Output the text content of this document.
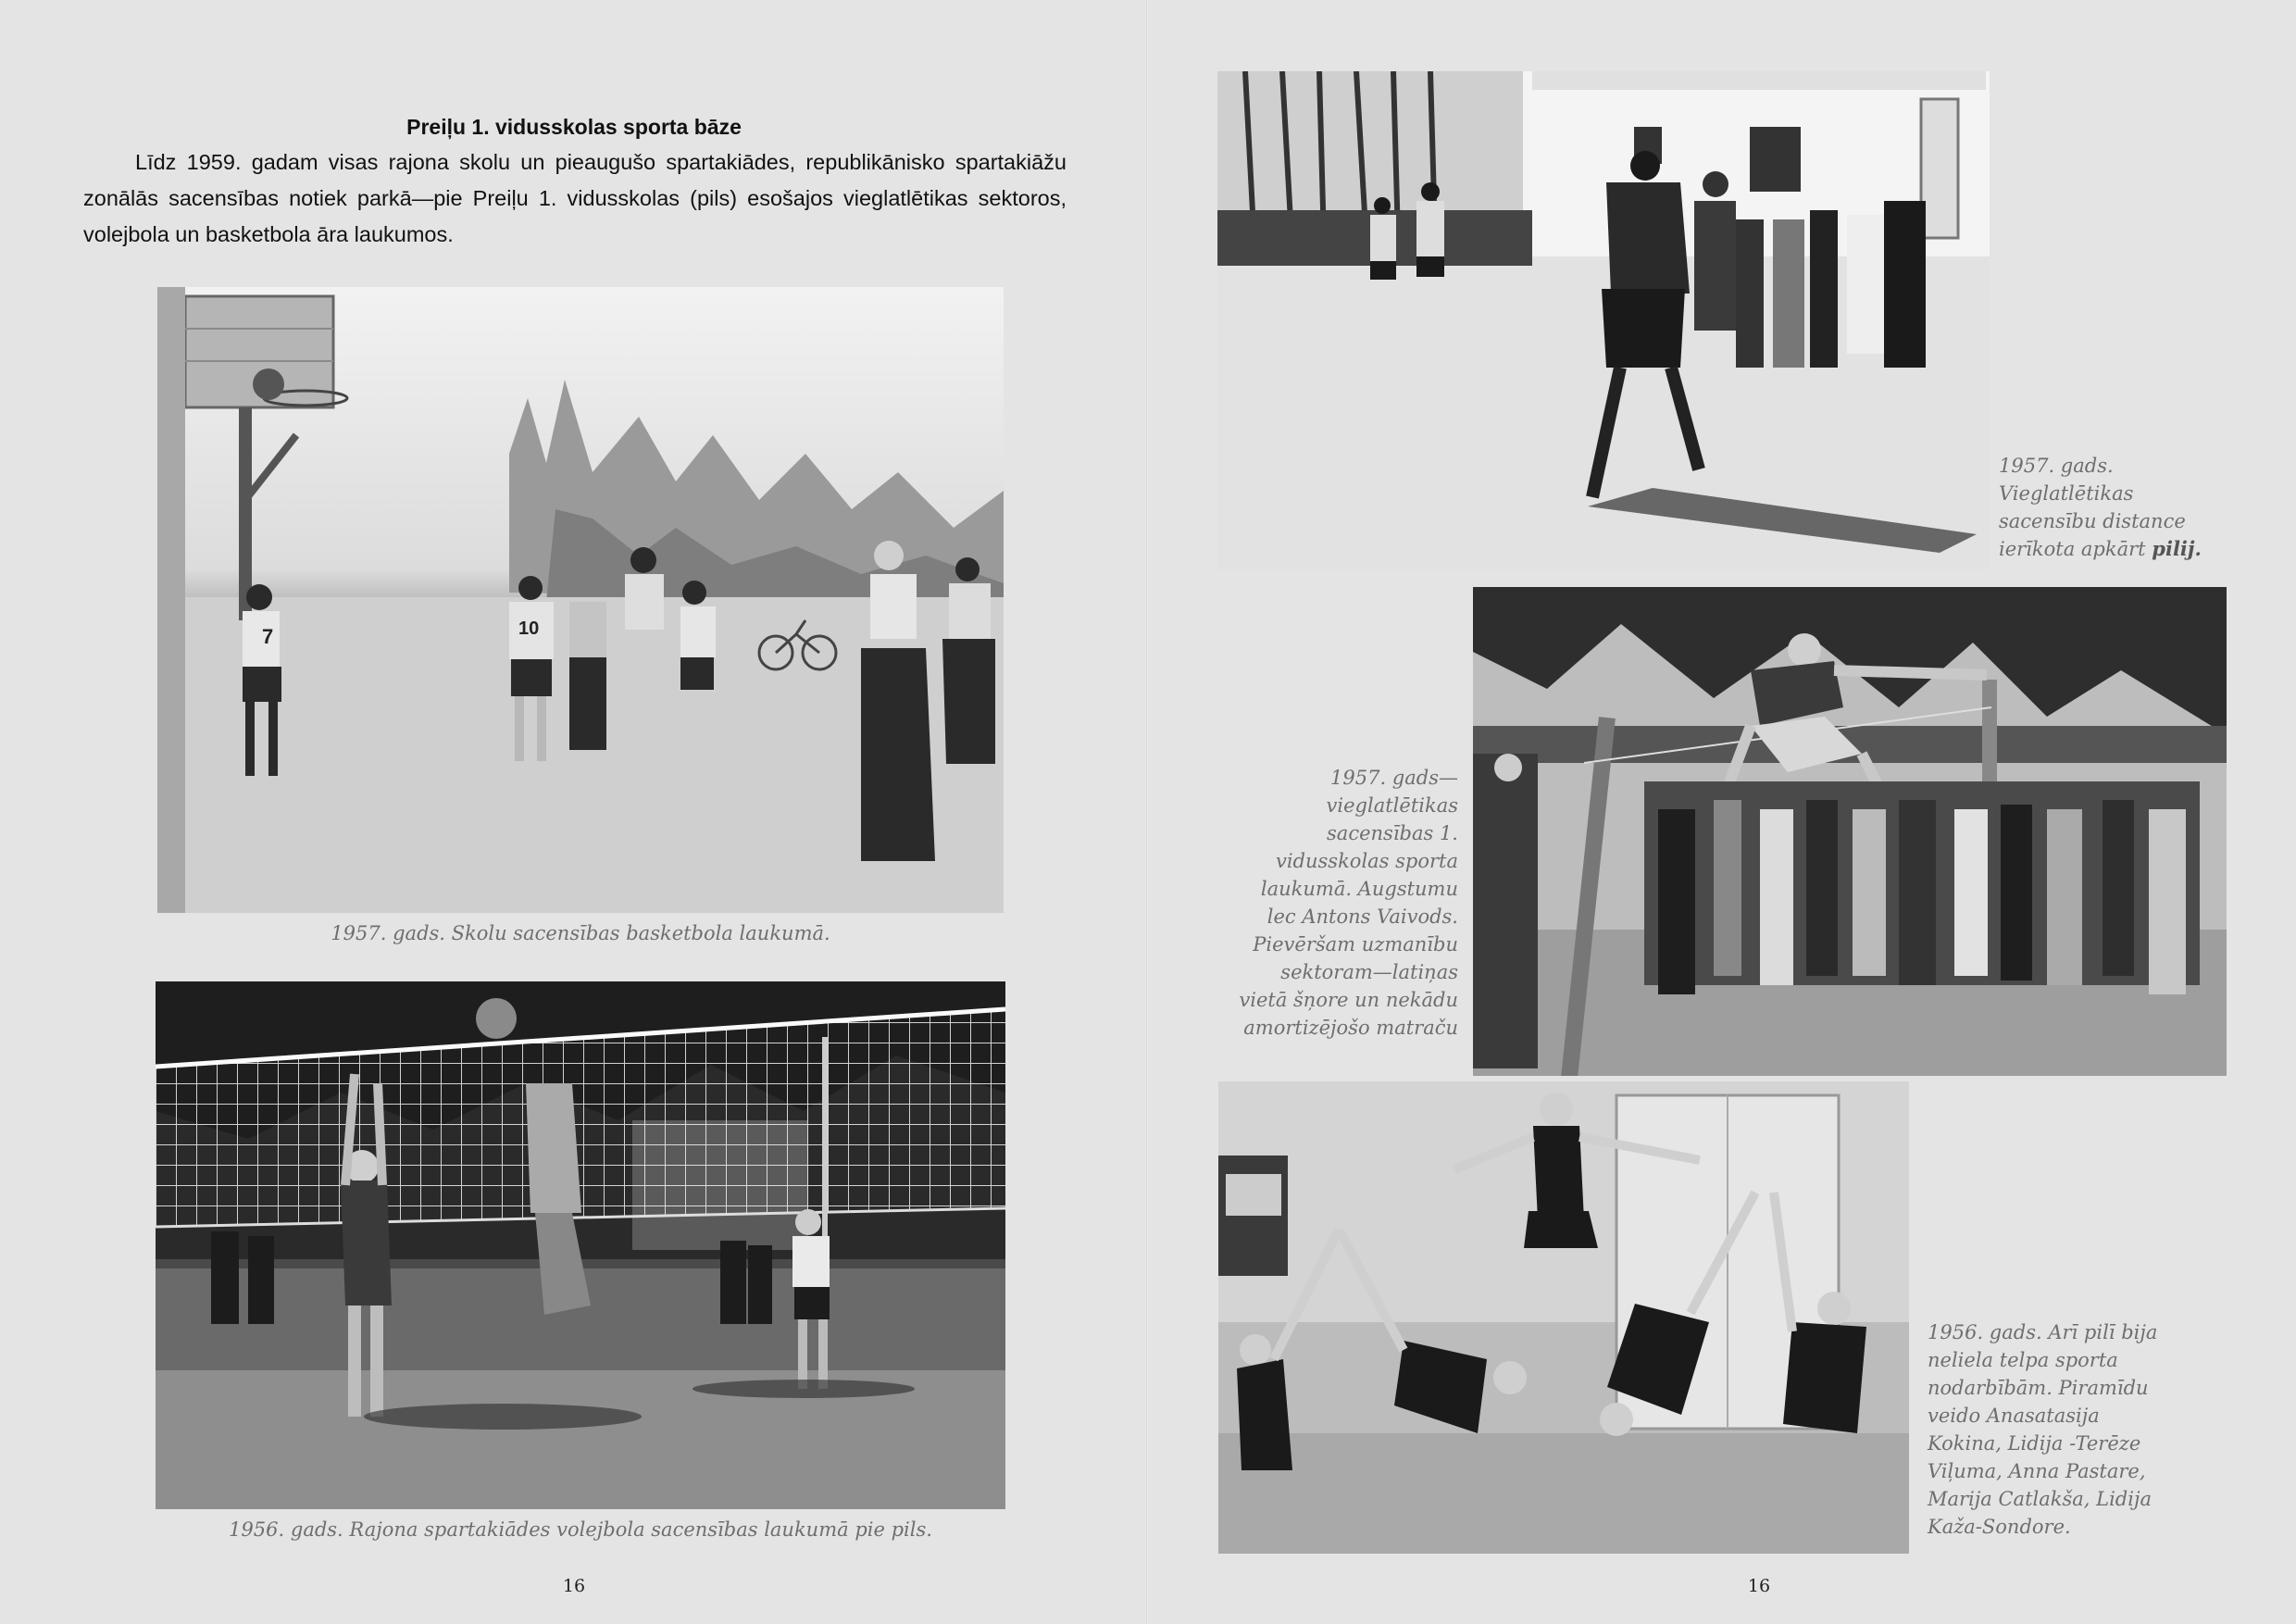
Preiļu 1. vidusskolas sporta bāze

Līdz 1959. gadam visas rajona skolu un pieaugušo spartakiādes, republikānisko spartakiāžu zonālās sacensības notiek parkā—pie Preiļu 1. vidusskolas (pils) esošajos vieglatlētikas sektoros, volejbola un basketbola āra laukumos.

7	10

1957. gads. Skolu sacensības basketbola laukumā.

1956. gads. Rajona spartakiādes volejbola sacensības laukumā pie pils.

16

1957. gads. Vieglatlētikas sacensību distance ierīkota apkārt pilij.

1957. gads— vieglatlētikas sacensības 1. vidusskolas sporta laukumā. Augstumu lec Antons Vaivods. Pievēršam uzmanību sektoram—latiņas vietā šņore un nekādu amortizējošo matraču

1956. gads. Arī pilī bija neliela telpa sporta nodarbībām. Piramīdu veido Anasatasija Kokina, Lidija -Terēze Viļuma, Anna Pastare, Marija Catlakša, Lidija Kaža-Sondore.

16
